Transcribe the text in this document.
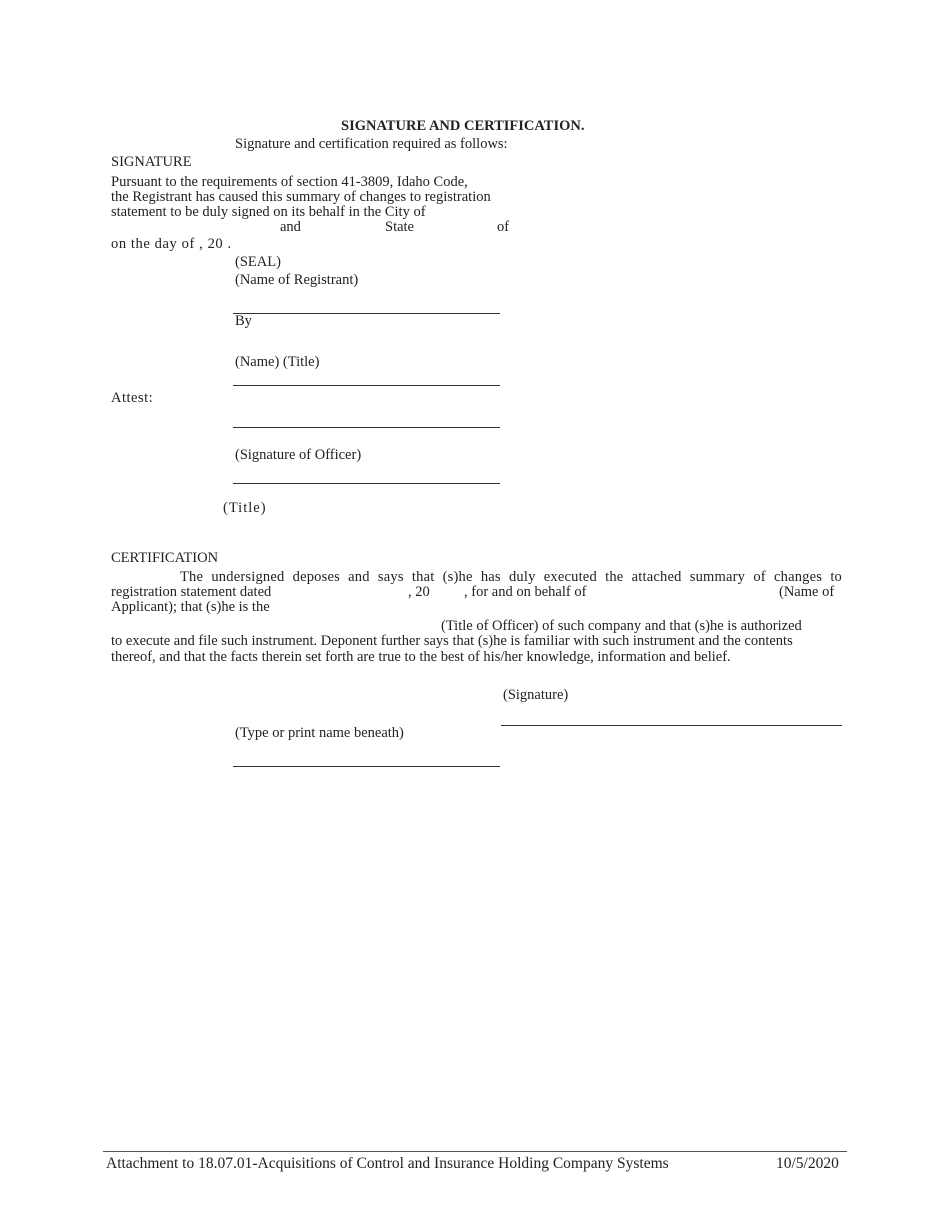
SIGNATURE AND CERTIFICATION.
Signature and certification required as follows:
SIGNATURE
Pursuant to the requirements of section 41-3809, Idaho Code,
the Registrant has caused this summary of changes to registration
statement to be duly signed on its behalf in the City of
and	State	of
on the day of , 20 .
(SEAL)
(Name of Registrant)
By
(Name) (Title)
Attest:
(Signature of Officer)
(Title)
CERTIFICATION
The undersigned deposes and says that (s)he has duly executed the attached summary of changes to
registration statement dated	, 20 , for and on behalf of	(Name of
Applicant); that (s)he is the
(Title of Officer) of such company and that (s)he is authorized
to execute and file such instrument. Deponent further says that (s)he is familiar with such instrument and the contents
thereof, and that the facts therein set forth are true to the best of his/her knowledge, information and belief.
(Signature)
(Type or print name beneath)
Attachment to 18.07.01-Acquisitions of Control and Insurance Holding Company Systems	10/5/2020
